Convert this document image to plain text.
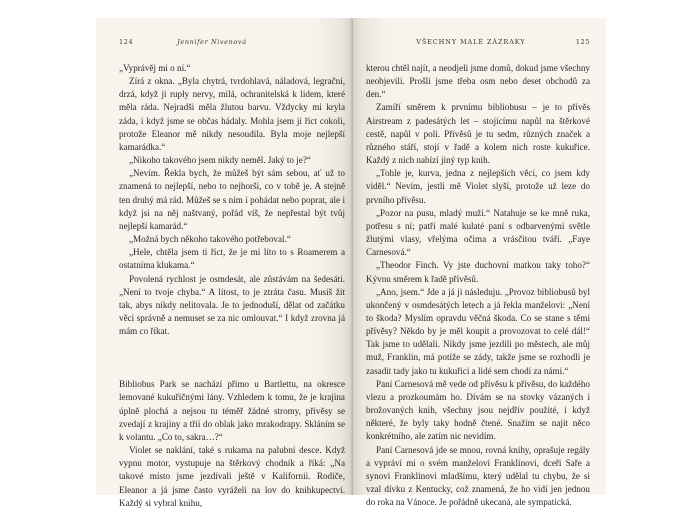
124	Jennifer Nivenová

„Vyprávěj mi o ní.“

Zírá z okna. „Byla chytrá, tvrdohlavá, náladová, legrační, drzá, když ji rupły nervy, milá, ochranitelská k lidem, které měla ráda. Nejradši měla žlutou barvu. Vždycky mi kryla záda, i když jsme se občas hádaly. Mohla jsem jí říct cokoli, protože Eleanor mě nikdy nesoudila. Byla moje nejlepší kamarádka.“

„Nikoho takového jsem nikdy neměl. Jaký to je?“

„Nevím. Řekla bych, že můžeš být sám sebou, ať už to znamená to nejlepší, nebo to nejhorší, co v tobě je. A stejně ten druhý má rád. Můžeš se s ním i pohádat nebo poprat, ale i když jsi na něj naštvaný, pořád víš, že nepřestal být tvůj nejlepší kamarád.“

„Možná bych někoho takového potřeboval.“

„Hele, chtěla jsem ti říct, že je mi líto to s Roamerem a ostatníma klukama.“

Povolená rychlost je osmdesát, ale zůstávám na šedesáti. „Není to tvoje chyba.“ A lítost, to je ztráta času. Musíš žít tak, abys nikdy nelitovala. Je to jednoduší, dělat od začátku věci správně a nemuset se za nic omlouvat.“ I když zrovna já mám co říkat.

Bibliobus Park se nachází přímo u Bartlettu, na okresce lemované kukuřičnými lány. Vzhledem k tomu, že je krajina úplně plochá a nejsou tu téměř žádné stromy, přívěsy se zvedají z krajiny a tříí do oblak jako mrakodrapy. Skláním se k volantu. „Co to, sakra…?“

Violet se naklání, také s rukama na palubní desce. Když vypnu motor, vystupuje na štěrkový chodník a říká: „Na takové místo jsme jezdívali ještě v Kalifornii. Rodiče, Eleanor a já jsme často vyráželi na lov do knihkupectví. Každý si vybral knihu,

VŠECHNY MALÉ ZÁZRAKY	125

kterou chtěl najít, a neodjeli jsme domů, dokud jsme všechny neobjevili. Prošli jsme třeba osm nebo deset obchodů za den.“

Zamíří směrem k prvnímu bibliobusu – je to přívěs Airstream z padesátých let – stojícímu napůl na štěrkové cestě, napůl v poli. Přívěsů je tu sedm, různých značek a různého stáří, stojí v řadě a kolem nich roste kukuřice. Každý z nich nabízí jiný typ knih.

„Tohle je, kurva, jedna z nejlepších věcí, co jsem kdy viděl.“ Nevím, jestli mě Violet slyší, protože už leze do prvního přívěsu.

„Pozor na pusu, mladý muži.“ Natahuje se ke mně ruka, potřesu s ní; patří malé kulaté paní s odbarvenými světle žlutými vlasy, vřelýma očima a vrásčitou tváří. „Faye Carnesová.“

„Theodor Finch. Vy jste duchovní matkou taky toho?“ Kývnu směrem k řadě přívěsů.

„Ano, jsem.“ Jde a já ji následuju. „Provoz bibliobusů byl ukončený v osmdesátých letech a já řekla manželovi: „Není to škoda? Myslím opravdu věčná škoda. Co se stane s těmi přívěsy? Někdo by je měl koupit a provozovat to celé dál!“ Tak jsme to udělali. Nikdy jsme jezdili po městech, ale můj muž, Franklin, má potíže se zády, takže jsme se rozhodli je zasadit tady jako tu kukuřici a lidé sem chodí za námi.“

Paní Carnesová mě vede od přívěsu k přívěsu, do každého vlezu a prozkoumám ho. Dívám se na stovky vázaných i brožovaných knih, všechny jsou nejdřív použité, i když některé, že byly taky hodně čtené. Snažím se najít něco konkrétního, ale zatím nic nevidím.

Paní Carnesová jde se mnou, rovná knihy, oprašuje regály a vypráví mi o svém manželovi Franklinovi, dceři Saře a synovi Franklinovi mladšímu, který udělal tu chybu, že si vzal dívku z Kentucky, což znamená, že ho vidí jen jednou do roka na Vánoce. Je pořádně ukecaná, ale sympatická.
